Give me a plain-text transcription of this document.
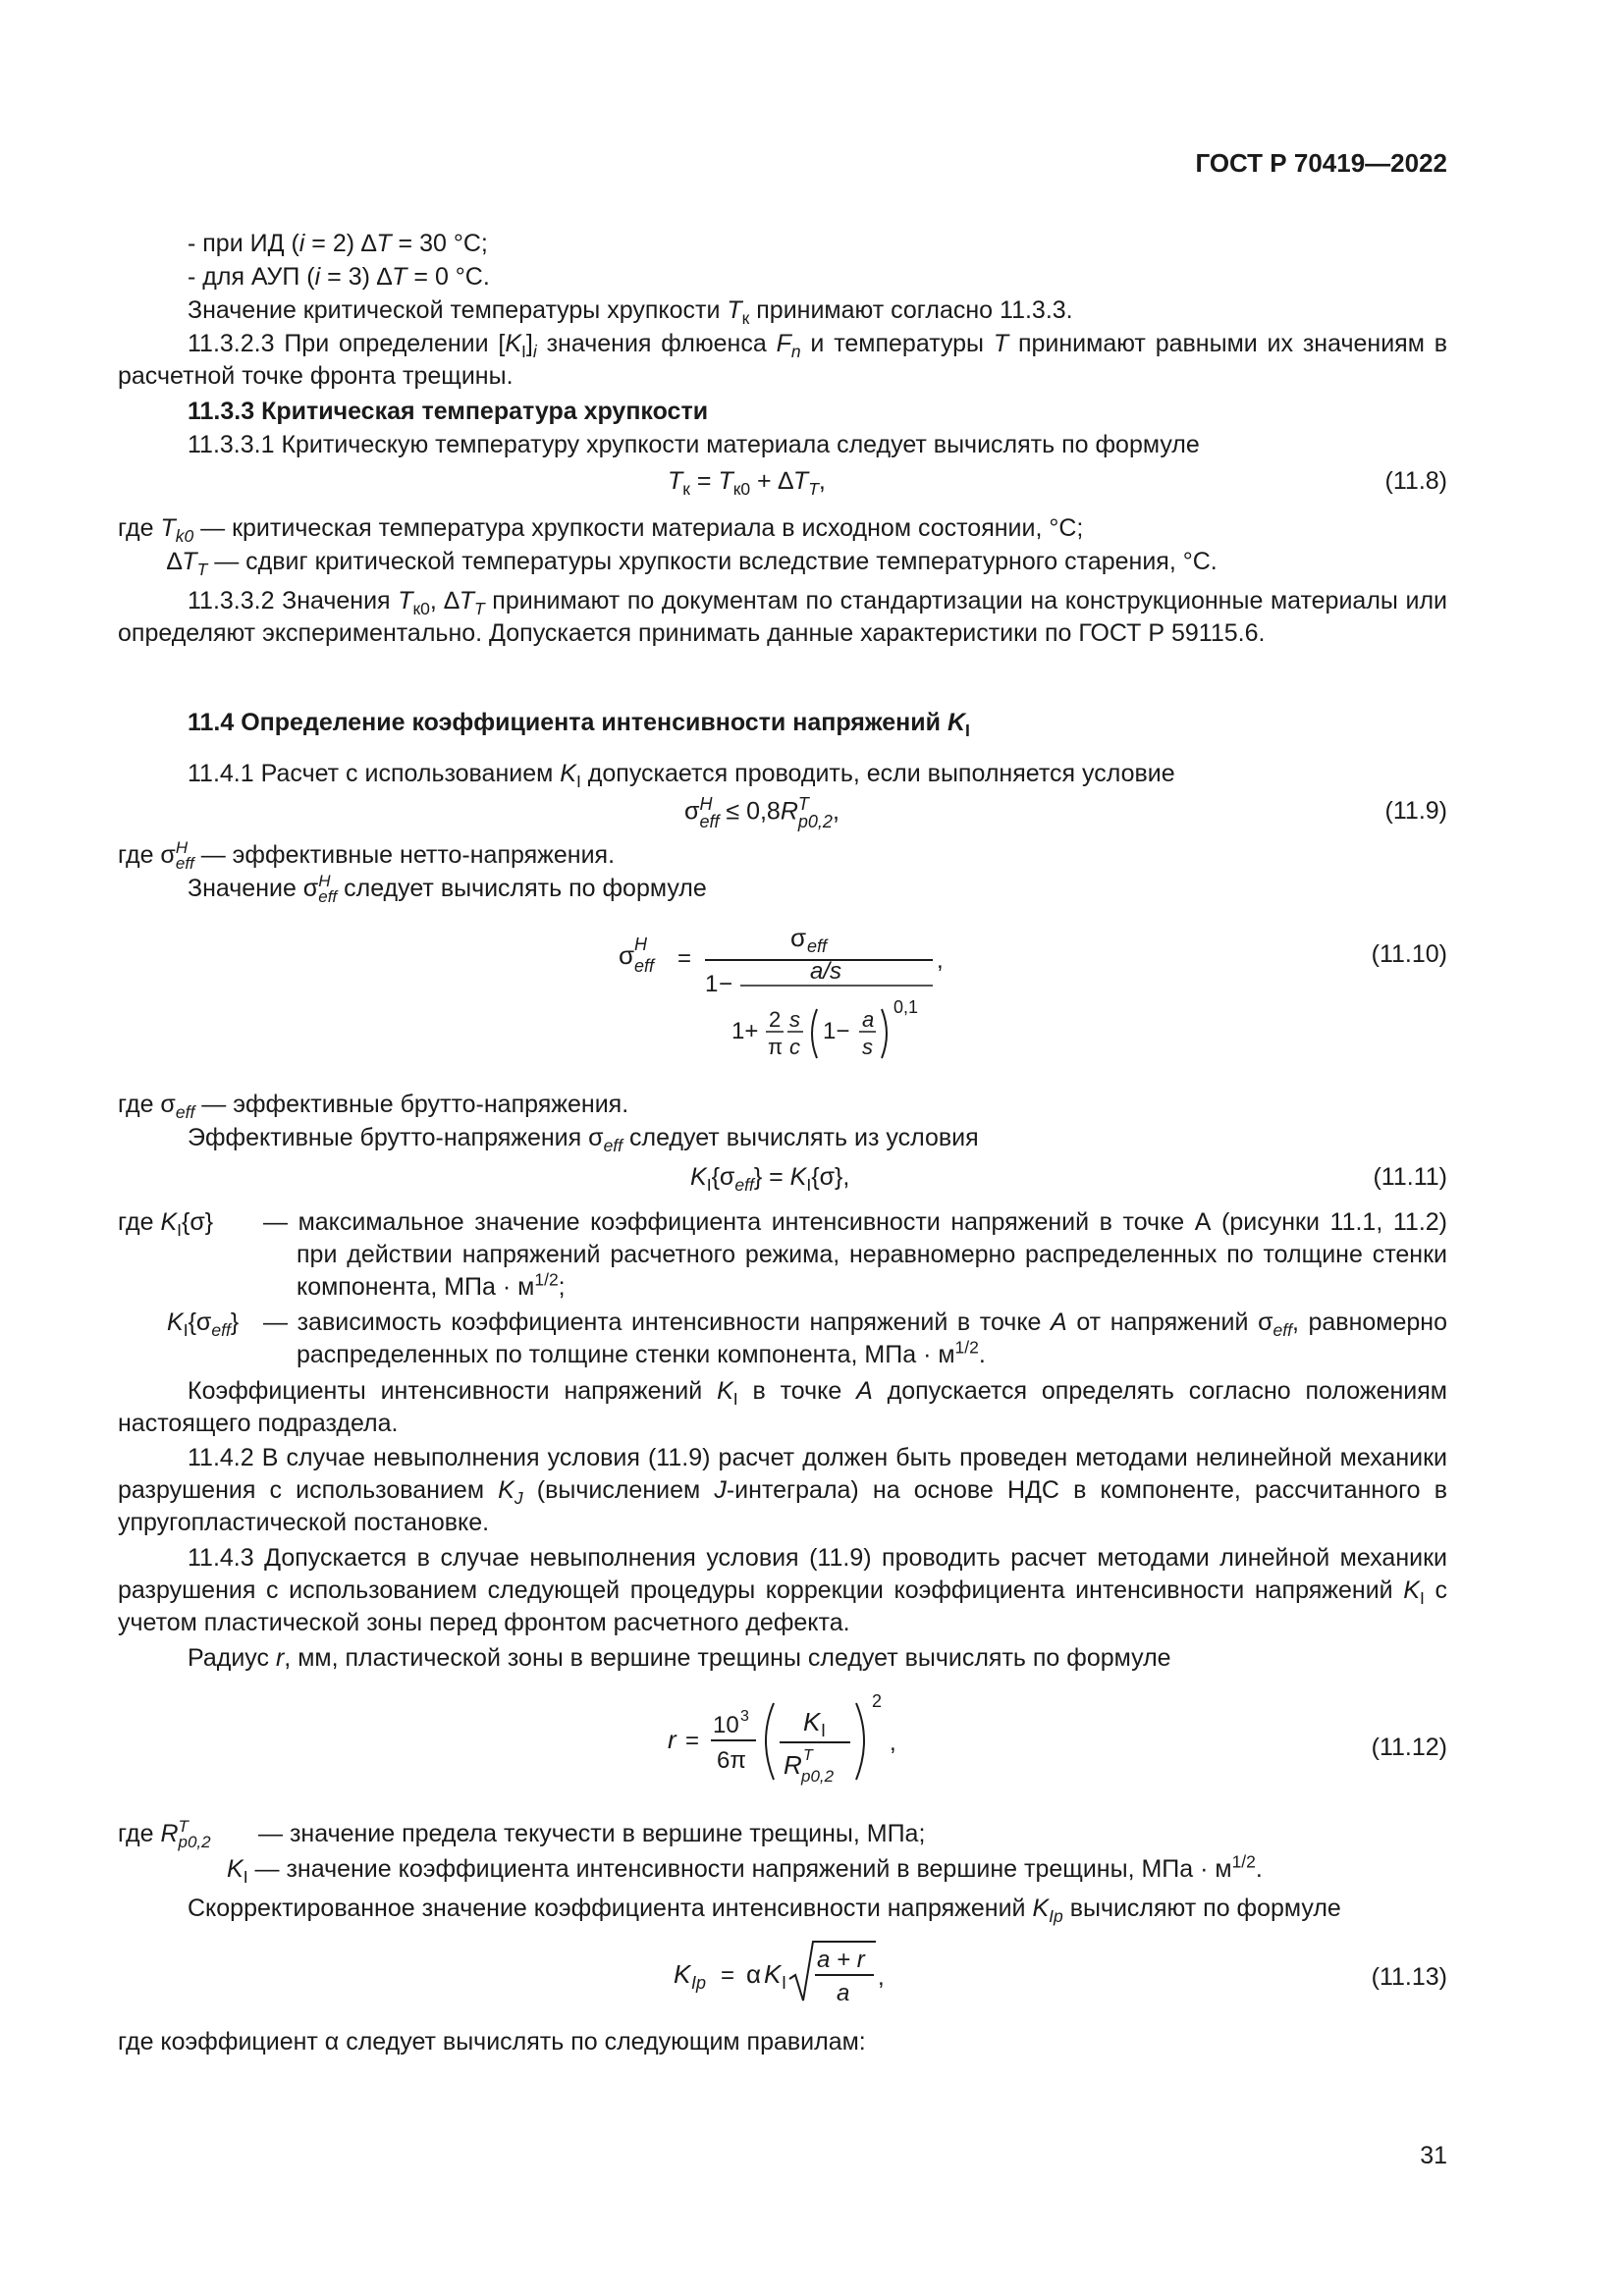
ГОСТ Р 70419—2022
- при ИД (i = 2) ∆T = 30 °С;
- для АУП (i = 3) ∆T = 0 °С.
Значение критической температуры хрупкости $T_к$ принимают согласно 11.3.3.
11.3.2.3 При определении $[K_I]_i$ значения флюенса $F_n$ и температуры T принимают равными их значениям в расчетной точке фронта трещины.
11.3.3 Критическая температура хрупкости
11.3.3.1 Критическую температуру хрупкости материала следует вычислять по формуле
$T_к = T_{к0} + \Delta T_T$,	(11.8)
где $T_{k0}$ — критическая температура хрупкости материала в исходном состоянии, °С;
$\Delta T_T$ — сдвиг критической температуры хрупкости вследствие температурного старения, °С.
11.3.3.2 Значения $T_{к0}$, $\Delta T_T$ принимают по документам по стандартизации на конструкционные материалы или определяют экспериментально. Допускается принимать данные характеристики по ГОСТ Р 59115.6.
11.4 Определение коэффициента интенсивности напряжений $K_I$
11.4.1 Расчет с использованием $K_I$ допускается проводить, если выполняется условие
σ H
eff ≤ 0,8R T
p0,2 ,	(11.9)
где σ H
eff — эффективные нетто-напряжения.
Значение σ H
eff следует вычислять по формуле
σ H
eff =
σ eff
1 −	a/s
1+ 2
π
s
c
1− a
s
0,1
,	(11.10)
где $\sigma_{eff}$ — эффективные брутто-напряжения.
Эффективные брутто-напряжения $\sigma_{eff}$ следует вычислять из условия
$K_I\{\sigma_{eff}\} = K_I\{\sigma\}$,	(11.11)
где $K_I\{\sigma\}$ — максимальное значение коэффициента интенсивности напряжений в точке А (рисунки 11.1, 11.2) при действии напряжений расчетного режима, неравномерно распределенных по толщине стенки компонента, МПа · $м^{1/2}$;
$K_I\{\sigma_{eff}\}$ — зависимость коэффициента интенсивности напряжений в точке А от напряжений $\sigma_{eff}$, равномерно распределенных по толщине стенки компонента, МПа · $м^{1/2}$.
Коэффициенты интенсивности напряжений $K_I$ в точке А допускается определять согласно положениям настоящего подраздела.
11.4.2 В случае невыполнения условия (11.9) расчет должен быть проведен методами нелинейной механики разрушения с использованием $K_J$ (вычислением J-интеграла) на основе НДС в компоненте, рассчитанного в упругопластической постановке.
11.4.3 Допускается в случае невыполнения условия (11.9) проводить расчет методами линейной механики разрушения с использованием следующей процедуры коррекции коэффициента интенсивности напряжений $K_I$ с учетом пластической зоны перед фронтом расчетного дефекта.
Радиус r, мм, пластической зоны в вершине трещины следует вычислять по формуле
r =
10 3
6π
K I
R T
p0,2
2
,	(11.12)
где R T
p0,2 — значение предела текучести в вершине трещины, МПа;
$K_I$ — значение коэффициента интенсивности напряжений в вершине трещины, МПа · $м^{1/2}$.
Скорректированное значение коэффициента интенсивности напряжений $K_{Ip}$ вычисляют по формуле
K Ip = α K I
a + r
a
,	(11.13)
где коэффициент α следует вычислять по следующим правилам:
31
